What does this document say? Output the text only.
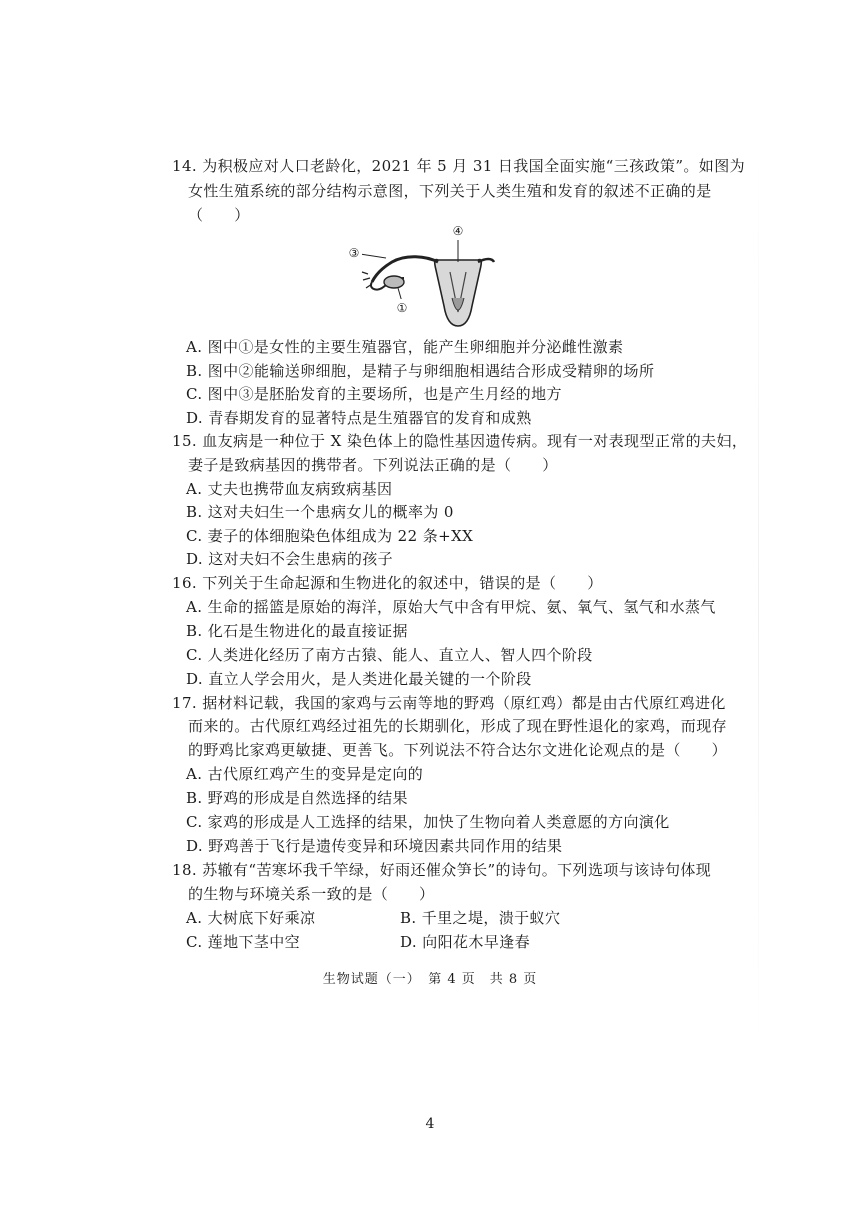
14. 为积极应对人口老龄化，2021 年 5 月 31 日我国全面实施“三孩政策”。如图为
女性生殖系统的部分结构示意图，下列关于人类生殖和发育的叙述不正确的是
（　　）
④
③
①
A. 图中①是女性的主要生殖器官，能产生卵细胞并分泌雌性激素
B. 图中②能输送卵细胞，是精子与卵细胞相遇结合形成受精卵的场所
C. 图中③是胚胎发育的主要场所，也是产生月经的地方
D. 青春期发育的显著特点是生殖器官的发育和成熟
15. 血友病是一种位于 X 染色体上的隐性基因遗传病。现有一对表现型正常的夫妇，
妻子是致病基因的携带者。下列说法正确的是（　　）
A. 丈夫也携带血友病致病基因
B. 这对夫妇生一个患病女儿的概率为 0
C. 妻子的体细胞染色体组成为 22 条+XX
D. 这对夫妇不会生患病的孩子
16. 下列关于生命起源和生物进化的叙述中，错误的是（　　）
A. 生命的摇篮是原始的海洋，原始大气中含有甲烷、氨、氧气、氢气和水蒸气
B. 化石是生物进化的最直接证据
C. 人类进化经历了南方古猿、能人、直立人、智人四个阶段
D. 直立人学会用火，是人类进化最关键的一个阶段
17. 据材料记载，我国的家鸡与云南等地的野鸡（原红鸡）都是由古代原红鸡进化
而来的。古代原红鸡经过祖先的长期驯化，形成了现在野性退化的家鸡，而现存
的野鸡比家鸡更敏捷、更善飞。下列说法不符合达尔文进化论观点的是（　　）
A. 古代原红鸡产生的变异是定向的
B. 野鸡的形成是自然选择的结果
C. 家鸡的形成是人工选择的结果，加快了生物向着人类意愿的方向演化
D. 野鸡善于飞行是遗传变异和环境因素共同作用的结果
18. 苏辙有“苦寒坏我千竿绿，好雨还催众笋长”的诗句。下列选项与该诗句体现
的生物与环境关系一致的是（　　）
A. 大树底下好乘凉	B. 千里之堤，溃于蚁穴
C. 莲地下茎中空	D. 向阳花木早逢春
生物试题（一）　第 4 页　共 8 页
4
